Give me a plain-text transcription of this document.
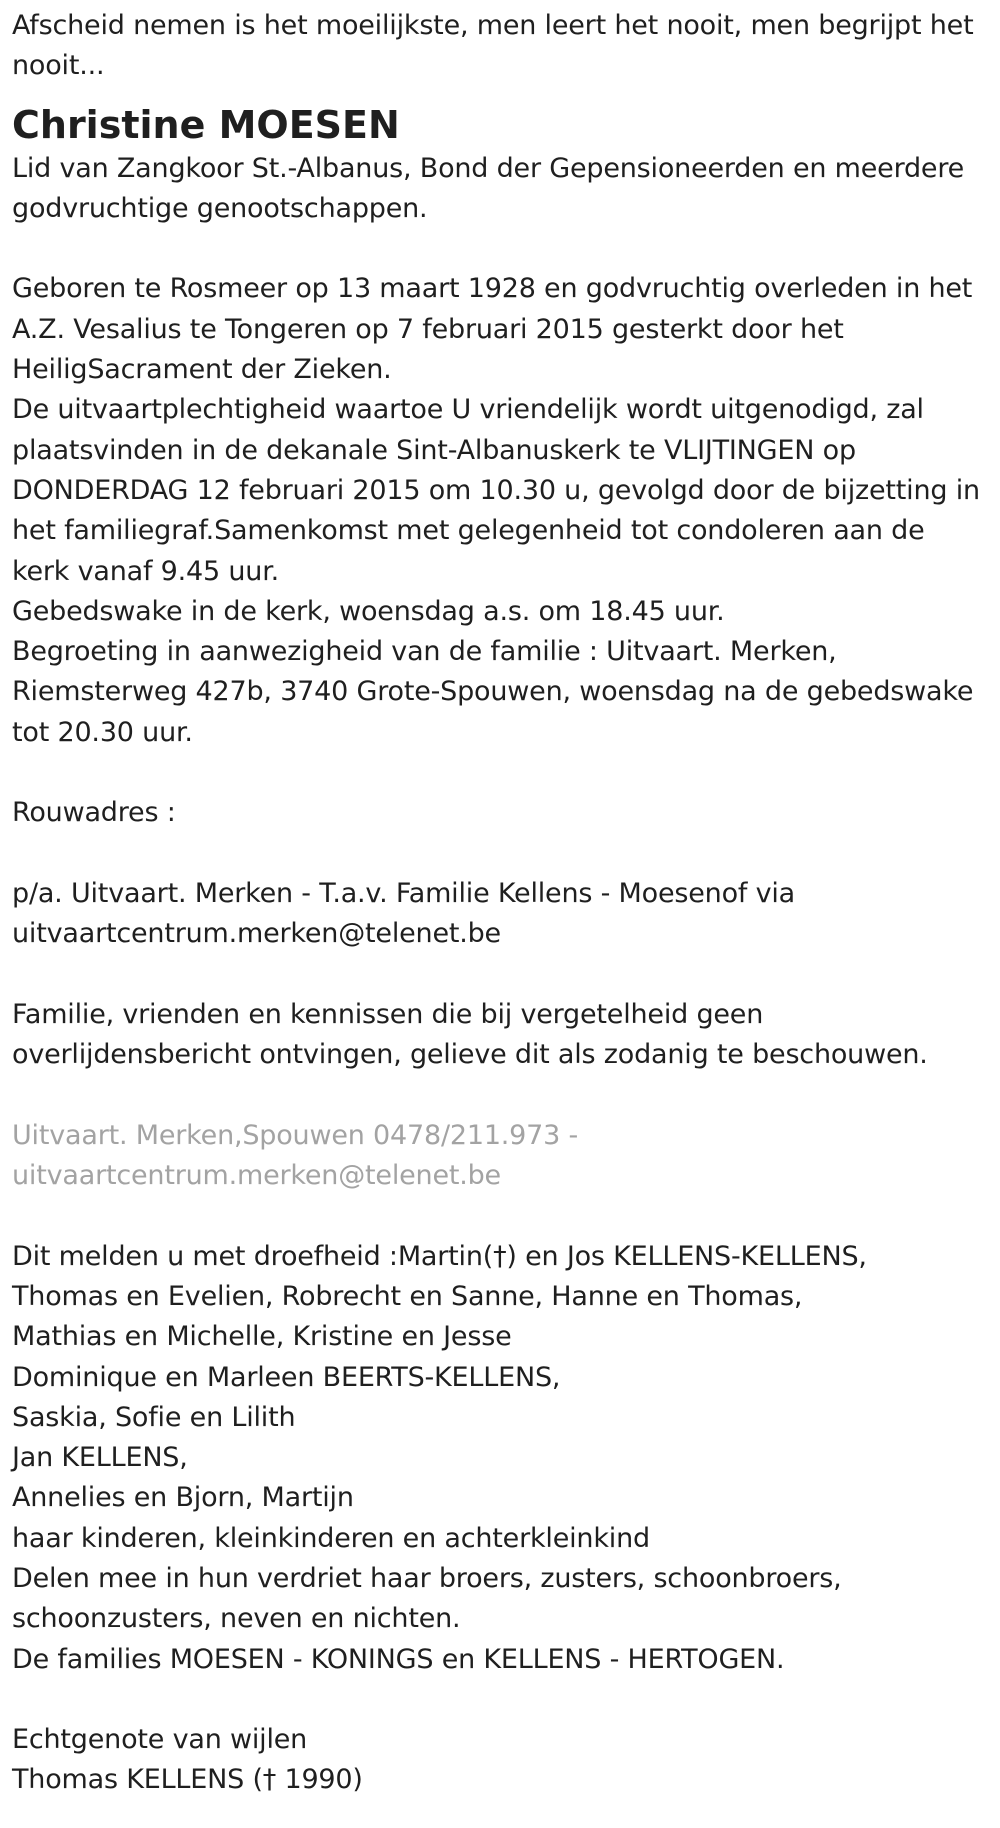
Afscheid nemen is het moeilijkste, men leert het nooit, men begrijpt het
nooit...
Christine MOESEN
Lid van Zangkoor St.-Albanus, Bond der Gepensioneerden en meerdere
godvruchtige genootschappen.
Geboren te Rosmeer op 13 maart 1928 en godvruchtig overleden in het
A.Z. Vesalius te Tongeren op 7 februari 2015 gesterkt door het
HeiligSacrament der Zieken.
De uitvaartplechtigheid waartoe U vriendelijk wordt uitgenodigd, zal
plaatsvinden in de dekanale Sint-Albanuskerk te VLIJTINGEN op
DONDERDAG 12 februari 2015 om 10.30 u, gevolgd door de bijzetting in
het familiegraf.Samenkomst met gelegenheid tot condoleren aan de
kerk vanaf 9.45 uur.
Gebedswake in de kerk, woensdag a.s. om 18.45 uur.
Begroeting in aanwezigheid van de familie : Uitvaart. Merken,
Riemsterweg 427b, 3740 Grote-Spouwen, woensdag na de gebedswake
tot 20.30 uur.
Rouwadres :
p/a. Uitvaart. Merken - T.a.v. Familie Kellens - Moesenof via
uitvaartcentrum.merken@telenet.be
Familie, vrienden en kennissen die bij vergetelheid geen
overlijdensbericht ontvingen, gelieve dit als zodanig te beschouwen.
Uitvaart. Merken,Spouwen 0478/211.973 -
uitvaartcentrum.merken@telenet.be
Dit melden u met droefheid :Martin(†) en Jos KELLENS-KELLENS,
Thomas en Evelien, Robrecht en Sanne, Hanne en Thomas,
Mathias en Michelle, Kristine en Jesse
Dominique en Marleen BEERTS-KELLENS,
Saskia, Sofie en Lilith
Jan KELLENS,
Annelies en Bjorn, Martijn
haar kinderen, kleinkinderen en achterkleinkind
Delen mee in hun verdriet haar broers, zusters, schoonbroers,
schoonzusters, neven en nichten.
De families MOESEN - KONINGS en KELLENS - HERTOGEN.
Echtgenote van wijlen
Thomas KELLENS († 1990)
